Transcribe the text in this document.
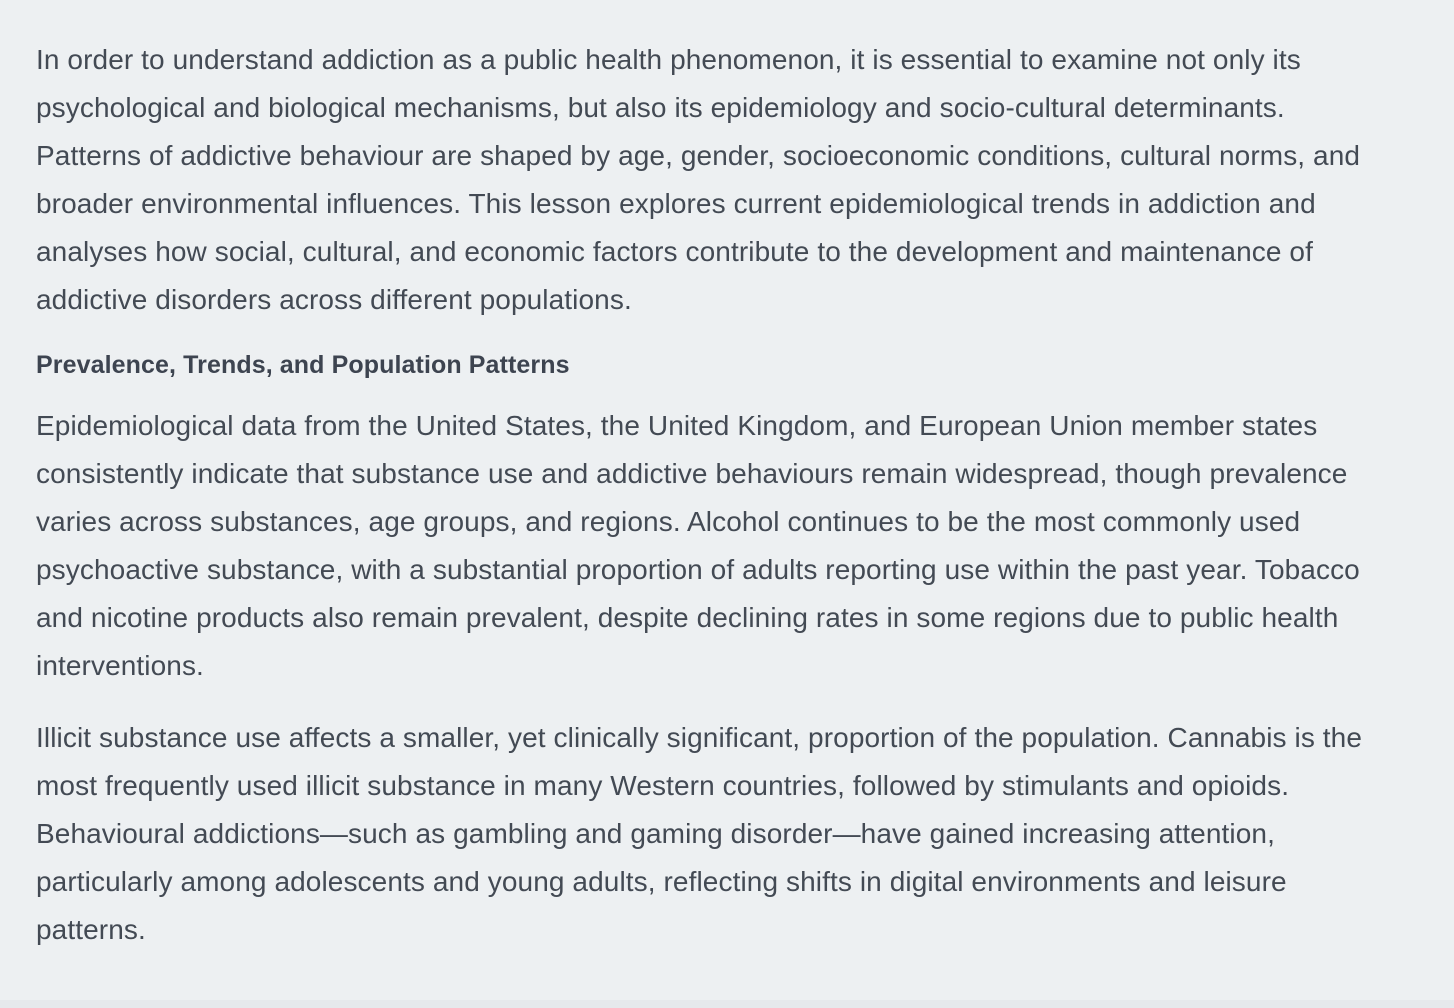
In order to understand addiction as a public health phenomenon, it is essential to examine not only its psychological and biological mechanisms, but also its epidemiology and socio-cultural determinants. Patterns of addictive behaviour are shaped by age, gender, socioeconomic conditions, cultural norms, and broader environmental influences. This lesson explores current epidemiological trends in addiction and analyses how social, cultural, and economic factors contribute to the development and maintenance of addictive disorders across different populations.

Prevalence, Trends, and Population Patterns

Epidemiological data from the United States, the United Kingdom, and European Union member states consistently indicate that substance use and addictive behaviours remain widespread, though prevalence varies across substances, age groups, and regions. Alcohol continues to be the most commonly used psychoactive substance, with a substantial proportion of adults reporting use within the past year. Tobacco and nicotine products also remain prevalent, despite declining rates in some regions due to public health interventions.

Illicit substance use affects a smaller, yet clinically significant, proportion of the population. Cannabis is the most frequently used illicit substance in many Western countries, followed by stimulants and opioids. Behavioural addictions—such as gambling and gaming disorder—have gained increasing attention, particularly among adolescents and young adults, reflecting shifts in digital environments and leisure patterns.
